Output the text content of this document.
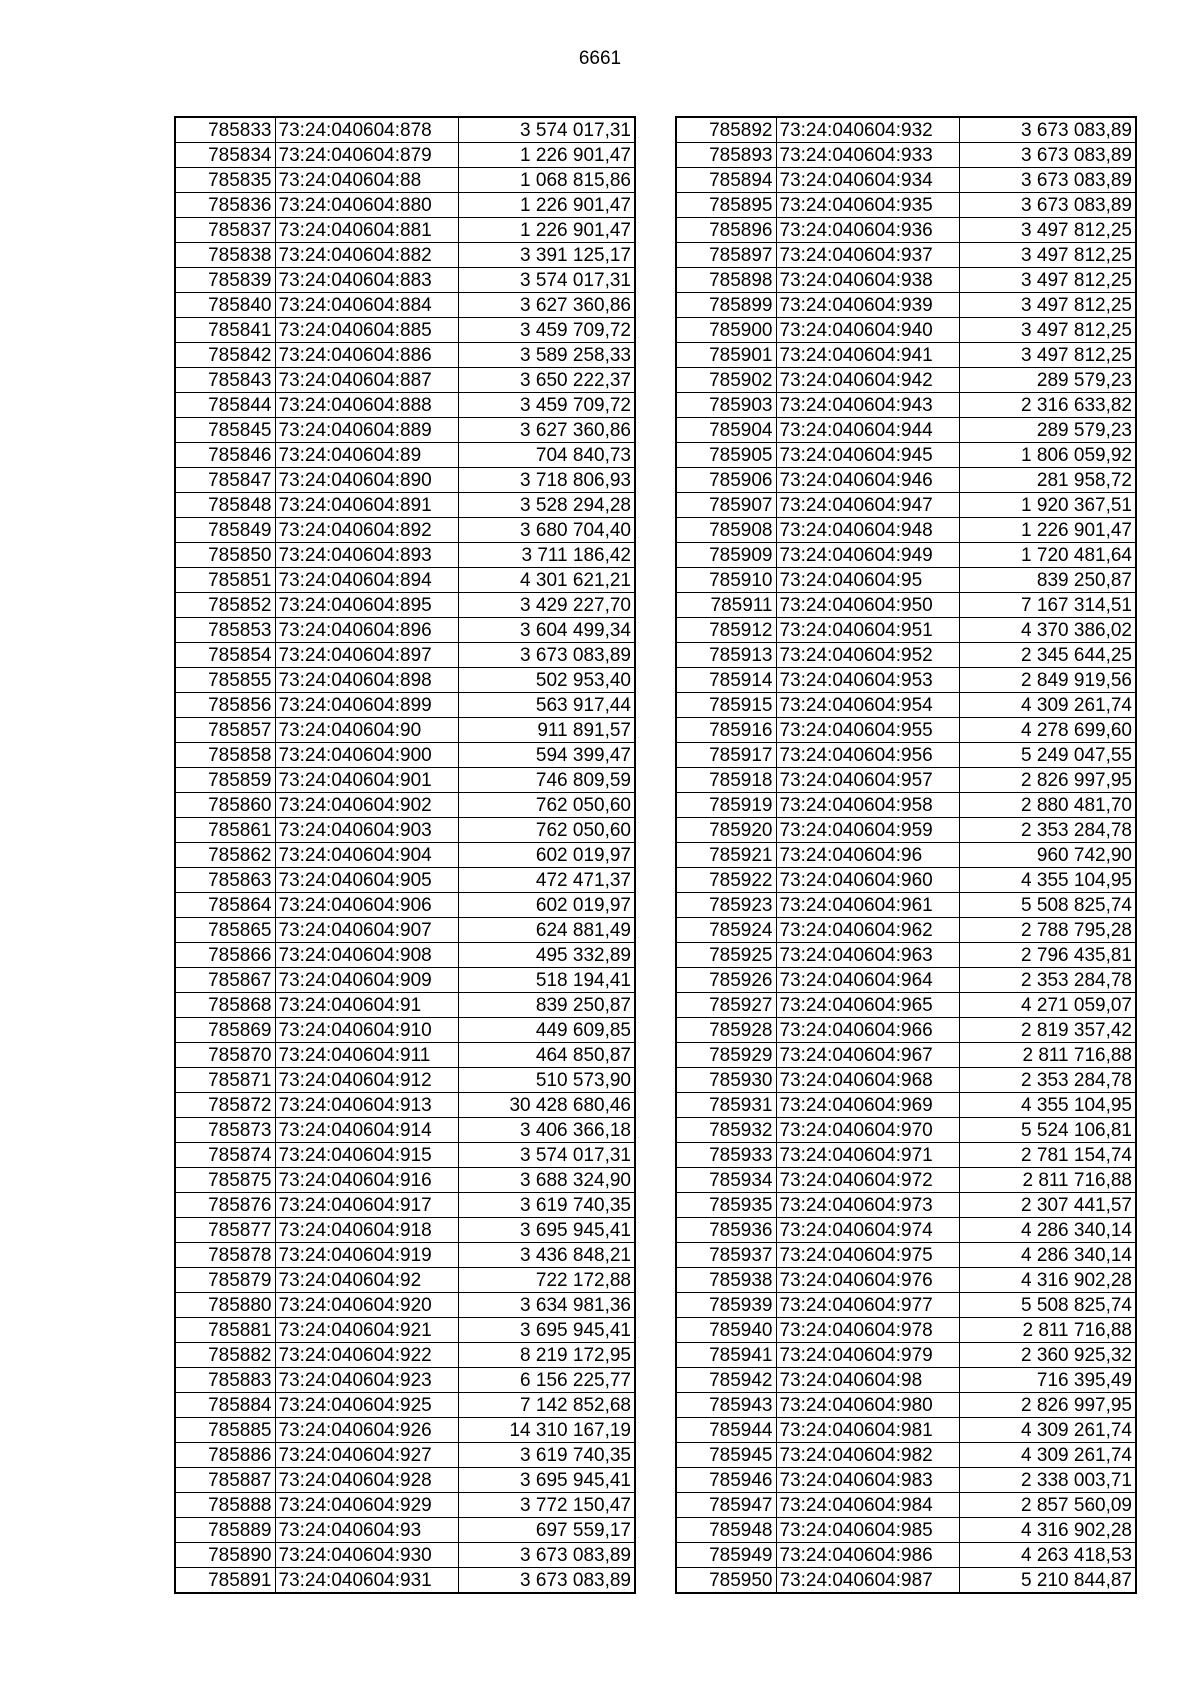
6661
785833	73:24:040604:878	3 574 017,31
785834	73:24:040604:879	1 226 901,47
785835	73:24:040604:88	1 068 815,86
785836	73:24:040604:880	1 226 901,47
785837	73:24:040604:881	1 226 901,47
785838	73:24:040604:882	3 391 125,17
785839	73:24:040604:883	3 574 017,31
785840	73:24:040604:884	3 627 360,86
785841	73:24:040604:885	3 459 709,72
785842	73:24:040604:886	3 589 258,33
785843	73:24:040604:887	3 650 222,37
785844	73:24:040604:888	3 459 709,72
785845	73:24:040604:889	3 627 360,86
785846	73:24:040604:89	704 840,73
785847	73:24:040604:890	3 718 806,93
785848	73:24:040604:891	3 528 294,28
785849	73:24:040604:892	3 680 704,40
785850	73:24:040604:893	3 711 186,42
785851	73:24:040604:894	4 301 621,21
785852	73:24:040604:895	3 429 227,70
785853	73:24:040604:896	3 604 499,34
785854	73:24:040604:897	3 673 083,89
785855	73:24:040604:898	502 953,40
785856	73:24:040604:899	563 917,44
785857	73:24:040604:90	911 891,57
785858	73:24:040604:900	594 399,47
785859	73:24:040604:901	746 809,59
785860	73:24:040604:902	762 050,60
785861	73:24:040604:903	762 050,60
785862	73:24:040604:904	602 019,97
785863	73:24:040604:905	472 471,37
785864	73:24:040604:906	602 019,97
785865	73:24:040604:907	624 881,49
785866	73:24:040604:908	495 332,89
785867	73:24:040604:909	518 194,41
785868	73:24:040604:91	839 250,87
785869	73:24:040604:910	449 609,85
785870	73:24:040604:911	464 850,87
785871	73:24:040604:912	510 573,90
785872	73:24:040604:913	30 428 680,46
785873	73:24:040604:914	3 406 366,18
785874	73:24:040604:915	3 574 017,31
785875	73:24:040604:916	3 688 324,90
785876	73:24:040604:917	3 619 740,35
785877	73:24:040604:918	3 695 945,41
785878	73:24:040604:919	3 436 848,21
785879	73:24:040604:92	722 172,88
785880	73:24:040604:920	3 634 981,36
785881	73:24:040604:921	3 695 945,41
785882	73:24:040604:922	8 219 172,95
785883	73:24:040604:923	6 156 225,77
785884	73:24:040604:925	7 142 852,68
785885	73:24:040604:926	14 310 167,19
785886	73:24:040604:927	3 619 740,35
785887	73:24:040604:928	3 695 945,41
785888	73:24:040604:929	3 772 150,47
785889	73:24:040604:93	697 559,17
785890	73:24:040604:930	3 673 083,89
785891	73:24:040604:931	3 673 083,89
785892	73:24:040604:932	3 673 083,89
785893	73:24:040604:933	3 673 083,89
785894	73:24:040604:934	3 673 083,89
785895	73:24:040604:935	3 673 083,89
785896	73:24:040604:936	3 497 812,25
785897	73:24:040604:937	3 497 812,25
785898	73:24:040604:938	3 497 812,25
785899	73:24:040604:939	3 497 812,25
785900	73:24:040604:940	3 497 812,25
785901	73:24:040604:941	3 497 812,25
785902	73:24:040604:942	289 579,23
785903	73:24:040604:943	2 316 633,82
785904	73:24:040604:944	289 579,23
785905	73:24:040604:945	1 806 059,92
785906	73:24:040604:946	281 958,72
785907	73:24:040604:947	1 920 367,51
785908	73:24:040604:948	1 226 901,47
785909	73:24:040604:949	1 720 481,64
785910	73:24:040604:95	839 250,87
785911	73:24:040604:950	7 167 314,51
785912	73:24:040604:951	4 370 386,02
785913	73:24:040604:952	2 345 644,25
785914	73:24:040604:953	2 849 919,56
785915	73:24:040604:954	4 309 261,74
785916	73:24:040604:955	4 278 699,60
785917	73:24:040604:956	5 249 047,55
785918	73:24:040604:957	2 826 997,95
785919	73:24:040604:958	2 880 481,70
785920	73:24:040604:959	2 353 284,78
785921	73:24:040604:96	960 742,90
785922	73:24:040604:960	4 355 104,95
785923	73:24:040604:961	5 508 825,74
785924	73:24:040604:962	2 788 795,28
785925	73:24:040604:963	2 796 435,81
785926	73:24:040604:964	2 353 284,78
785927	73:24:040604:965	4 271 059,07
785928	73:24:040604:966	2 819 357,42
785929	73:24:040604:967	2 811 716,88
785930	73:24:040604:968	2 353 284,78
785931	73:24:040604:969	4 355 104,95
785932	73:24:040604:970	5 524 106,81
785933	73:24:040604:971	2 781 154,74
785934	73:24:040604:972	2 811 716,88
785935	73:24:040604:973	2 307 441,57
785936	73:24:040604:974	4 286 340,14
785937	73:24:040604:975	4 286 340,14
785938	73:24:040604:976	4 316 902,28
785939	73:24:040604:977	5 508 825,74
785940	73:24:040604:978	2 811 716,88
785941	73:24:040604:979	2 360 925,32
785942	73:24:040604:98	716 395,49
785943	73:24:040604:980	2 826 997,95
785944	73:24:040604:981	4 309 261,74
785945	73:24:040604:982	4 309 261,74
785946	73:24:040604:983	2 338 003,71
785947	73:24:040604:984	2 857 560,09
785948	73:24:040604:985	4 316 902,28
785949	73:24:040604:986	4 263 418,53
785950	73:24:040604:987	5 210 844,87
